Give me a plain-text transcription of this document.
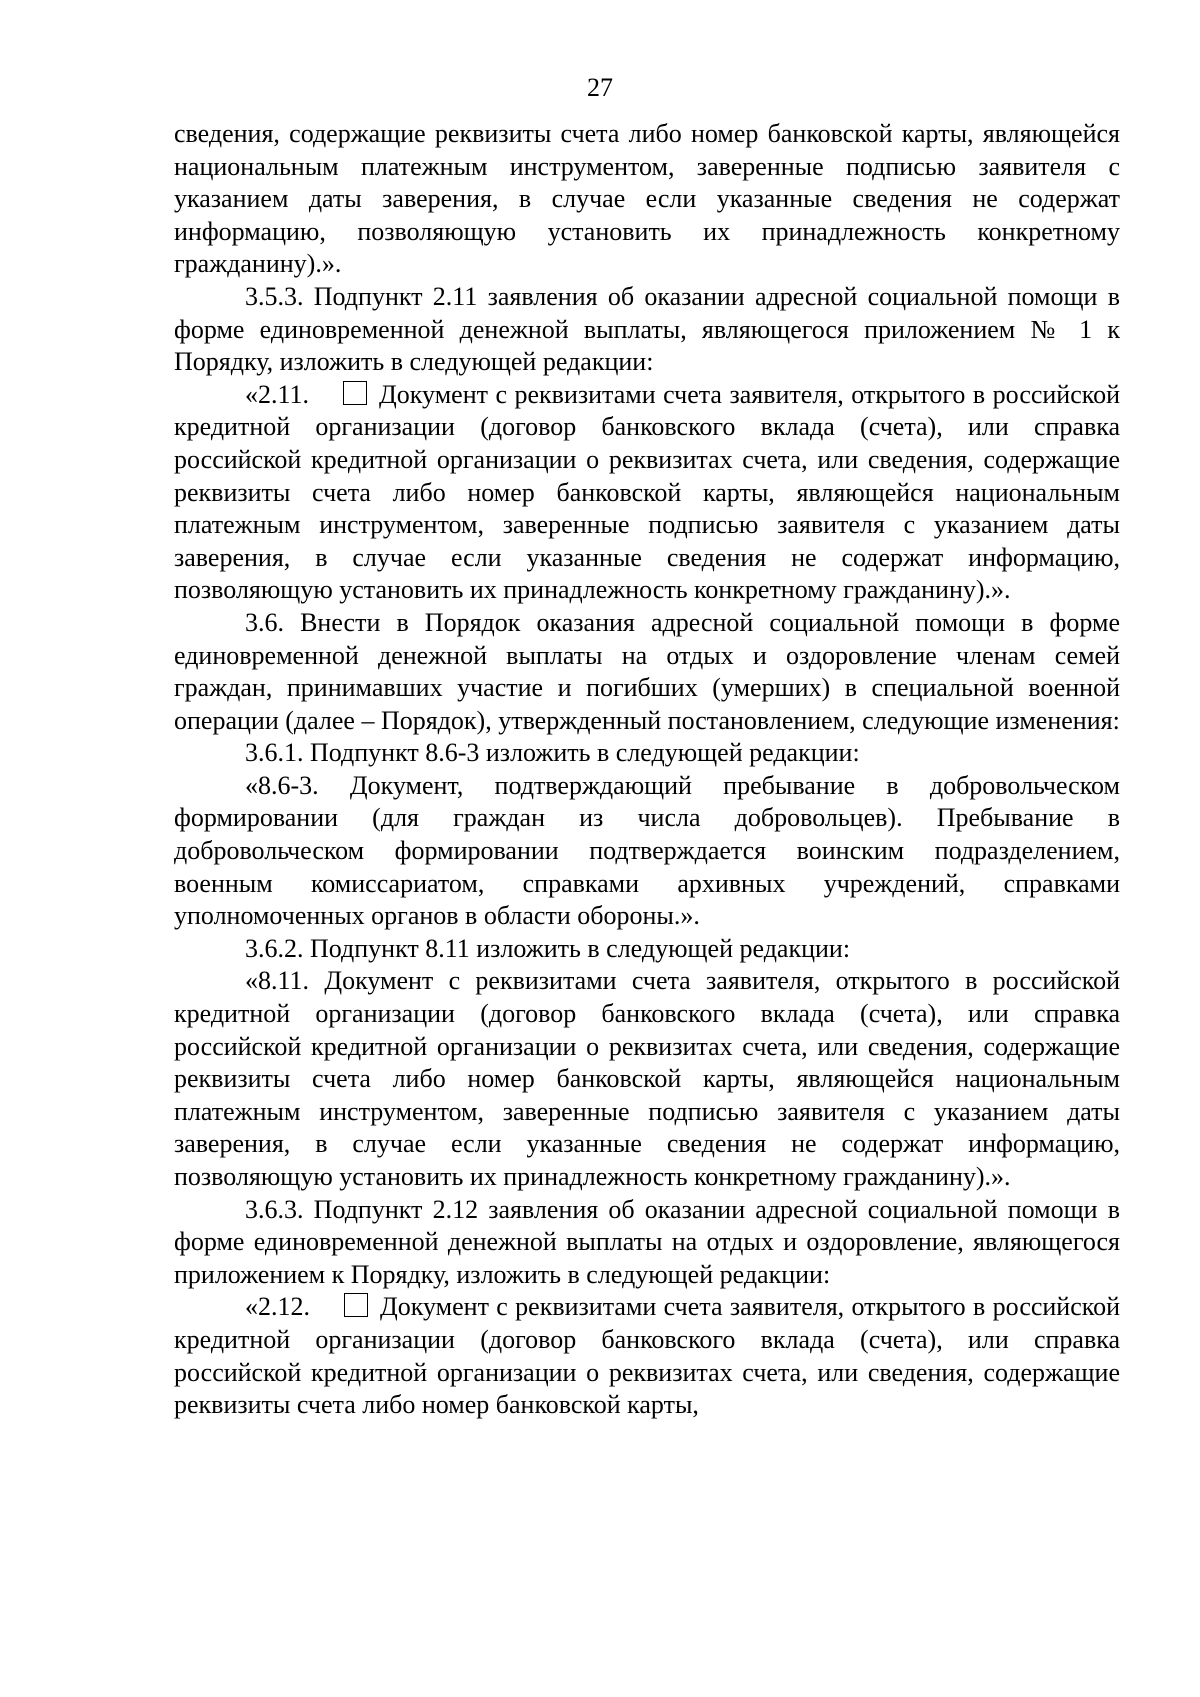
27

сведения, содержащие реквизиты счета либо номер банковской карты, являющейся национальным платежным инструментом, заверенные подписью заявителя с указанием даты заверения, в случае если указанные сведения не содержат информацию, позволяющую установить их принадлежность конкретному гражданину).».

3.5.3. Подпункт 2.11 заявления об оказании адресной социальной помощи в форме единовременной денежной выплаты, являющегося приложением № 1 к Порядку, изложить в следующей редакции:

«2.11.	Документ с реквизитами счета заявителя, открытого в российской кредитной организации (договор банковского вклада (счета), или справка российской кредитной организации о реквизитах счета, или сведения, содержащие реквизиты счета либо номер банковской карты, являющейся национальным платежным инструментом, заверенные подписью заявителя с указанием даты заверения, в случае если указанные сведения не содержат информацию, позволяющую установить их принадлежность конкретному гражданину).».

3.6. Внести в Порядок оказания адресной социальной помощи в форме единовременной денежной выплаты на отдых и оздоровление членам семей граждан, принимавших участие и погибших (умерших) в специальной военной операции (далее – Порядок), утвержденный постановлением, следующие изменения:

3.6.1. Подпункт 8.6-3 изложить в следующей редакции:

«8.6-3. Документ, подтверждающий пребывание в добровольческом формировании (для граждан из числа добровольцев). Пребывание в добровольческом формировании подтверждается воинским подразделением, военным комиссариатом, справками архивных учреждений, справками уполномоченных органов в области обороны.».

3.6.2. Подпункт 8.11 изложить в следующей редакции:

«8.11. Документ с реквизитами счета заявителя, открытого в российской кредитной организации (договор банковского вклада (счета), или справка российской кредитной организации о реквизитах счета, или сведения, содержащие реквизиты счета либо номер банковской карты, являющейся национальным платежным инструментом, заверенные подписью заявителя с указанием даты заверения, в случае если указанные сведения не содержат информацию, позволяющую установить их принадлежность конкретному гражданину).».

3.6.3. Подпункт 2.12 заявления об оказании адресной социальной помощи в форме единовременной денежной выплаты на отдых и оздоровление, являющегося приложением к Порядку, изложить в следующей редакции:

«2.12.	Документ с реквизитами счета заявителя, открытого в российской кредитной организации (договор банковского вклада (счета), или справка российской кредитной организации о реквизитах счета, или сведения, содержащие реквизиты счета либо номер банковской карты,
